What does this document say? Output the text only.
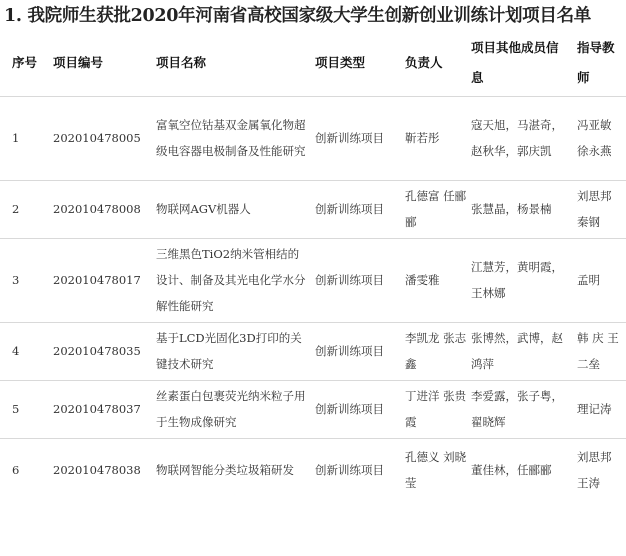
1. 我院师生获批2020年河南省高校国家级大学生创新创业训练计划项目名单
序号	项目编号	项目名称	项目类型	负责人	项目其他成员信息	指导教师

1	202010478005	富氧空位钴基双金属氧化物超级电容器电极制备及性能研究	创新训练项目	靳若彤	寇天旭，马湛奇，赵秋华，郭庆凯	冯亚敏 徐永燕

2	202010478008	物联网AGV机器人	创新训练项目	孔德富 任郦郦	张慧晶，杨景楠	刘思邦 秦钢

3	202010478017	三维黑色TiO2纳米管相结的设计、制备及其光电化学水分解性能研究	创新训练项目	潘雯雅	江慧芳，黄明霞，王林娜	孟明

4	202010478035	基于LCD光固化3D打印的关键技术研究	创新训练项目	李凯龙 张志鑫	张博然，武博，赵鸿萍	韩 庆 王二垒

5	202010478037	丝素蛋白包裹荧光纳米粒子用于生物成像研究	创新训练项目	丁进洋 张贵霞	李爱露，张子粤，翟晓辉	理记涛

6	202010478038	物联网智能分类垃圾箱研发	创新训练项目	孔德义 刘晓莹	董佳林，任郦郦	刘思邦 王涛
